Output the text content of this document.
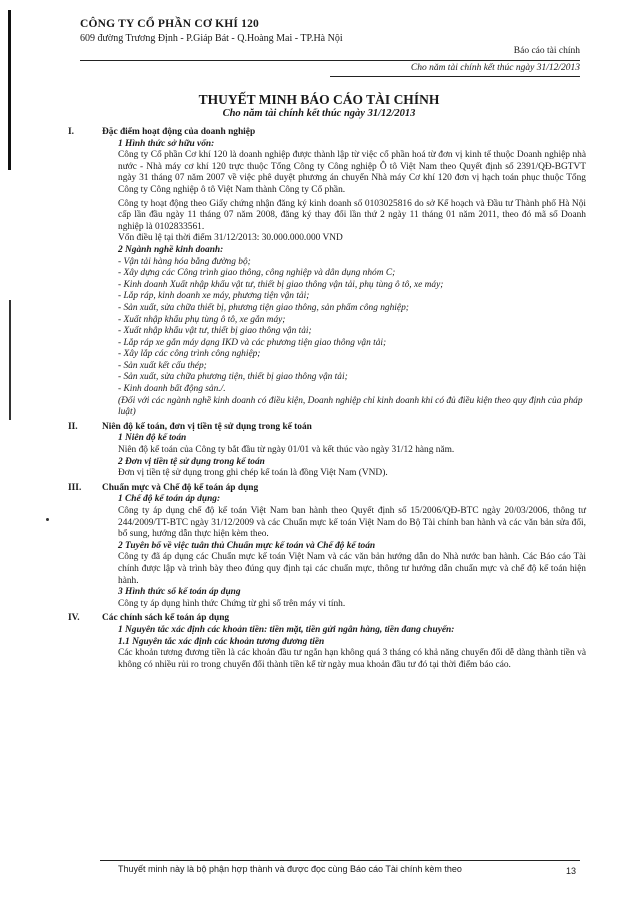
CÔNG TY CỔ PHẦN CƠ KHÍ 120
609 đường Trương Định - P.Giáp Bát - Q.Hoàng Mai - TP.Hà Nội
Báo cáo tài chính
Cho năm tài chính kết thúc ngày 31/12/2013
THUYẾT MINH BÁO CÁO TÀI CHÍNH
Cho năm tài chính kết thúc ngày 31/12/2013
I.	Đặc điểm hoạt động của doanh nghiệp
1 Hình thức sở hữu vốn:
Công ty Cổ phần Cơ khí 120 là doanh nghiệp được thành lập từ việc cổ phần hoá từ đơn vị kinh tế thuộc Doanh nghiệp nhà nước - Nhà máy cơ khí 120 trực thuộc Tổng Công ty Công nghiệp Ô tô Việt Nam theo Quyết định số 2391/QĐ-BGTVT ngày 31 tháng 07 năm 2007 về việc phê duyệt phương án chuyển Nhà máy Cơ khí 120 đơn vị hạch toán phục thuộc Tổng Công ty Công nghiệp ô tô Việt Nam thành Công ty Cổ phần.
Công ty hoạt động theo Giấy chứng nhận đăng ký kinh doanh số 0103025816 do sở Kế hoạch và Đầu tư Thành phố Hà Nội cấp lần đầu ngày 11 tháng 07 năm 2008, đăng ký thay đổi lần thứ 2 ngày 11 tháng 01 năm 2011, theo đó mã số Doanh nghiệp là 0102833561.
Vốn điều lệ tại thời điểm 31/12/2013: 30.000.000.000 VND
2 Ngành nghề kinh doanh:
- Vận tải hàng hóa bằng đường bộ;
- Xây dựng các Công trình giao thông, công nghiệp và dân dụng nhóm C;
- Kinh doanh Xuất nhập khẩu vật tư, thiết bị giao thông vận tải, phụ tùng ô tô, xe máy;
- Lắp ráp, kinh doanh xe máy, phương tiện vận tải;
- Sản xuất, sửa chữa thiết bị, phương tiện giao thông, sản phẩm công nghiệp;
- Xuất nhập khẩu phụ tùng ô tô, xe gắn máy;
- Xuất nhập khẩu vật tư, thiết bị giao thông vận tải;
- Lắp ráp xe gắn máy dạng IKD và các phương tiện giao thông vận tải;
- Xây lắp các công trình công nghiệp;
- Sản xuất kết cấu thép;
- Sản xuất, sửa chữa phương tiện, thiết bị giao thông vận tải;
- Kinh doanh bất động sản./.
(Đối với các ngành nghề kinh doanh có điều kiện, Doanh nghiệp chỉ kinh doanh khi có đủ điều kiện theo quy định của pháp luật)
II.	Niên độ kế toán, đơn vị tiền tệ sử dụng trong kế toán
1 Niên độ kế toán
Niên độ kế toán của Công ty bắt đầu từ ngày 01/01 và kết thúc vào ngày 31/12 hàng năm.
2 Đơn vị tiền tệ sử dụng trong kế toán
Đơn vị tiền tệ sử dụng trong ghi chép kế toán là đồng Việt Nam (VND).
III. Chuẩn mực và Chế độ kế toán áp dụng
1 Chế độ kế toán áp dụng:
Công ty áp dụng chế độ kế toán Việt Nam ban hành theo Quyết định số 15/2006/QĐ-BTC ngày 20/03/2006, thông tư 244/2009/TT-BTC ngày 31/12/2009 và các Chuẩn mực kế toán Việt Nam do Bộ Tài chính ban hành và các văn bản sửa đổi, bổ sung, hướng dẫn thực hiện kèm theo.
2 Tuyên bố về việc tuân thủ Chuẩn mực kế toán và Chế độ kế toán
Công ty đã áp dụng các Chuẩn mực kế toán Việt Nam và các văn bản hướng dẫn do Nhà nước ban hành. Các Báo cáo Tài chính được lập và trình bày theo đúng quy định tại các chuẩn mực, thông tư hướng dẫn chuẩn mực và chế độ kế toán hiện hành.
3 Hình thức sổ kế toán áp dụng
Công ty áp dụng hình thức Chứng từ ghi sổ trên máy vi tính.
IV. Các chính sách kế toán áp dụng
1 Nguyên tắc xác định các khoản tiền: tiền mặt, tiền gửi ngân hàng, tiền đang chuyển:
1.1 Nguyên tắc xác định các khoản tương đương tiền
Các khoản tương đương tiền là các khoản đầu tư ngắn hạn không quá 3 tháng có khả năng chuyển đổi dễ dàng thành tiền và không có nhiều rủi ro trong chuyển đổi thành tiền kể từ ngày mua khoản đầu tư đó tại thời điểm báo cáo.
Thuyết minh này là bộ phận hợp thành và được đọc cùng Báo cáo Tài chính kèm theo	13
